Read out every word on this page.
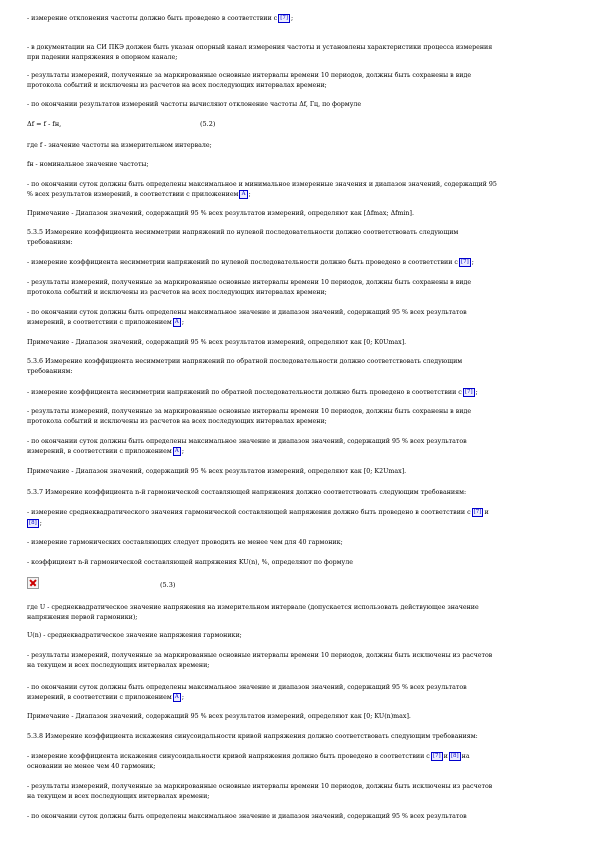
- измерение отклонения частоты должно быть проведено в соответствии с [7] ;

- в документации на СИ ПКЭ должен быть указан опорный канал измерения частоты и установлены характеристики процесса измерения

при падении напряжения в опорном канале;

- результаты измерений, полученные за маркированные основные интервалы времени 10 периодов, должны быть сохранены в виде

протокола событий и исключены из расчетов на всех последующих интервалах времени;

- по окончании результатов измерений частоты вычисляют отклонение частоты Δf, Гц, по формуле

Δf = f - fн,	(5.2)

где f - значение частоты на измерительном интервале;

fн - номинальное значение частоты;

- по окончании суток должны быть определены максимальное и минимальное измеренные значения и диапазон значений, содержащий 95

% всех результатов измерений, в соответствии с приложением А ;

Примечание - Диапазон значений, содержащий 95 % всех результатов измерений, определяют как [Δfmax; Δfmin].

5.3.5 Измерение коэффициента несимметрии напряжений по нулевой последовательности должно соответствовать следующим

требованиям:

- измерение коэффициента несимметрии напряжений по нулевой последовательности должно быть проведено в соответствии с [7] ;

- результаты измерений, полученные за маркированные основные интервалы времени 10 периодов, должны быть сохранены в виде

протокола событий и исключены из расчетов на всех последующих интервалах времени;

- по окончании суток должны быть определены максимальное значение и диапазон значений, содержащий 95 % всех результатов

измерений, в соответствии с приложением А ;

Примечание - Диапазон значений, содержащий 95 % всех результатов измерений, определяют как [0; K0Umax].

5.3.6 Измерение коэффициента несимметрии напряжений по обратной последовательности должно соответствовать следующим

требованиям:

- измерение коэффициента несимметрии напряжений по обратной последовательности должно быть проведено в соответствии с [7] ;

- результаты измерений, полученные за маркированные основные интервалы времени 10 периодов, должны быть сохранены в виде

протокола событий и исключены из расчетов на всех последующих интервалах времени;

- по окончании суток должны быть определены максимальное значение и диапазон значений, содержащий 95 % всех результатов

измерений, в соответствии с приложением А ;

Примечание - Диапазон значений, содержащий 95 % всех результатов измерений, определяют как [0; K2Umax].

5.3.7 Измерение коэффициента n-й гармонической составляющей напряжения должно соответствовать следующим требованиям:

- измерение среднеквадратического значения гармонической составляющей напряжения должно быть проведено в соответствии с [7] и

[8] ;

- измерение гармонических составляющих следует проводить не менее чем для 40 гармоник;

- коэффициент n-й гармонической составляющей напряжения KU(n), %, определяют по формуле

(5.3)

где U - среднеквадратическое значение напряжения на измерительном интервале (допускается использовать действующее значение

напряжения первой гармоники);

U(n) - среднеквадратическое значение напряжения гармоники;

- результаты измерений, полученные за маркированные основные интервалы времени 10 периодов, должны быть исключены из расчетов

на текущем и всех последующих интервалах времени;

- по окончании суток должны быть определены максимальное значение и диапазон значений, содержащий 95 % всех результатов

измерений, в соответствии с приложением А ;

Примечание - Диапазон значений, содержащий 95 % всех результатов измерений, определяют как [0; KU(n)max].

5.3.8 Измерение коэффициента искажения синусоидальности кривой напряжения должно соответствовать следующим требованиям:

- измерение коэффициента искажения синусоидальности кривой напряжения должно быть проведено в соответствии с [7] и [8] на

основании не менее чем 40 гармоник;

- результаты измерений, полученные за маркированные основные интервалы времени 10 периодов, должны быть исключены из расчетов

на текущем и всех последующих интервалах времени;

- по окончании суток должны быть определены максимальное значение и диапазон значений, содержащий 95 % всех результатов
